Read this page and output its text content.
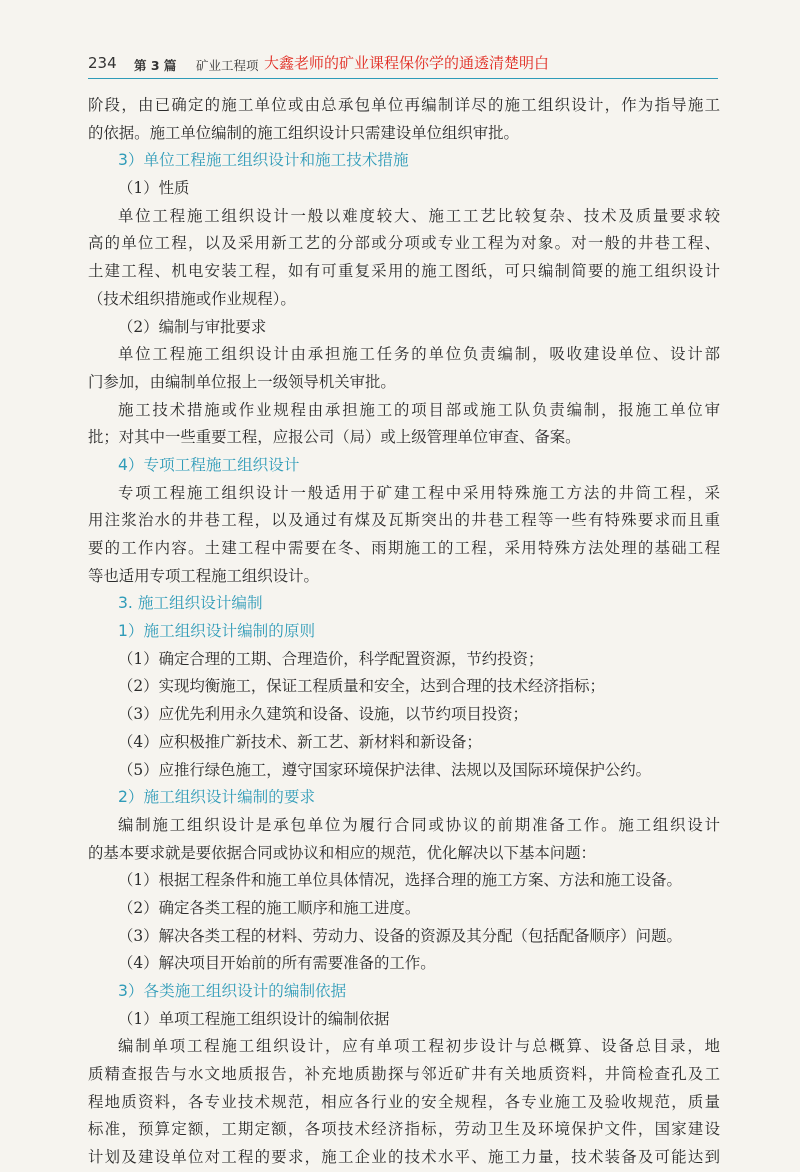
234 第 3 篇 矿业工程项 大鑫老师的矿业课程保你学的通透清楚明白
阶段，由已确定的施工单位或由总承包单位再编制详尽的施工组织设计，作为指导施工
的依据。施工单位编制的施工组织设计只需建设单位组织审批。
3）单位工程施工组织设计和施工技术措施
（1）性质
单位工程施工组织设计一般以难度较大、施工工艺比较复杂、技术及质量要求较
高的单位工程，以及采用新工艺的分部或分项或专业工程为对象。对一般的井巷工程、
土建工程、机电安装工程，如有可重复采用的施工图纸，可只编制简要的施工组织设计
（技术组织措施或作业规程）。
（2）编制与审批要求
单位工程施工组织设计由承担施工任务的单位负责编制，吸收建设单位、设计部
门参加，由编制单位报上一级领导机关审批。
施工技术措施或作业规程由承担施工的项目部或施工队负责编制，报施工单位审
批；对其中一些重要工程，应报公司（局）或上级管理单位审查、备案。
4）专项工程施工组织设计
专项工程施工组织设计一般适用于矿建工程中采用特殊施工方法的井筒工程，采
用注浆治水的井巷工程，以及通过有煤及瓦斯突出的井巷工程等一些有特殊要求而且重
要的工作内容。土建工程中需要在冬、雨期施工的工程，采用特殊方法处理的基础工程
等也适用专项工程施工组织设计。
3. 施工组织设计编制
1）施工组织设计编制的原则
（1）确定合理的工期、合理造价，科学配置资源，节约投资；
（2）实现均衡施工，保证工程质量和安全，达到合理的技术经济指标；
（3）应优先利用永久建筑和设备、设施，以节约项目投资；
（4）应积极推广新技术、新工艺、新材料和新设备；
（5）应推行绿色施工，遵守国家环境保护法律、法规以及国际环境保护公约。
2）施工组织设计编制的要求
编制施工组织设计是承包单位为履行合同或协议的前期准备工作。施工组织设计
的基本要求就是要依据合同或协议和相应的规范，优化解决以下基本问题：
（1）根据工程条件和施工单位具体情况，选择合理的施工方案、方法和施工设备。
（2）确定各类工程的施工顺序和施工进度。
（3）解决各类工程的材料、劳动力、设备的资源及其分配（包括配备顺序）问题。
（4）解决项目开始前的所有需要准备的工作。
3）各类施工组织设计的编制依据
（1）单项工程施工组织设计的编制依据
编制单项工程施工组织设计，应有单项工程初步设计与总概算、设备总目录，地
质精查报告与水文地质报告，补充地质勘探与邻近矿井有关地质资料，井筒检查孔及工
程地质资料，各专业技术规范，相应各行业的安全规程，各专业施工及验收规范，质量
标准，预算定额，工期定额，各项技术经济指标，劳动卫生及环境保护文件，国家建设
计划及建设单位对工程的要求，施工企业的技术水平、施工力量，技术装备及可能达到
